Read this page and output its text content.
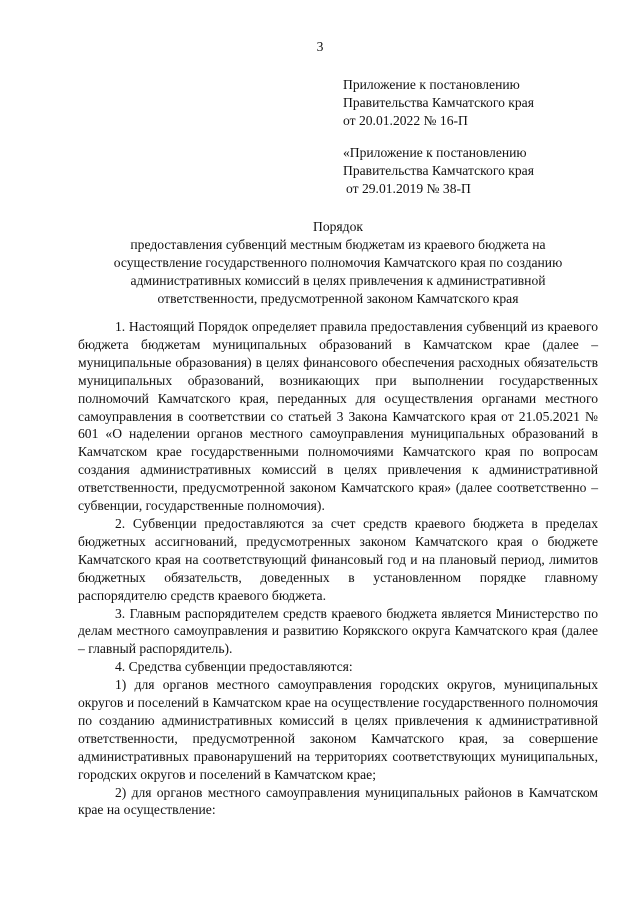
3
Приложение к постановлению
Правительства Камчатского края
от 20.01.2022 № 16-П
«Приложение к постановлению
Правительства Камчатского края
от 29.01.2019 № 38-П
Порядок
предоставления субвенций местным бюджетам из краевого бюджета на
осуществление государственного полномочия Камчатского края по созданию
административных комиссий в целях привлечения к административной
ответственности, предусмотренной законом Камчатского края

1. Настоящий Порядок определяет правила предоставления субвенций из краевого бюджета бюджетам муниципальных образований в Камчатском крае (далее – муниципальные образования) в целях финансового обеспечения расходных обязательств муниципальных образований, возникающих при выполнении государственных полномочий Камчатского края, переданных для осуществления органами местного самоуправления в соответствии со статьей 3 Закона Камчатского края от 21.05.2021 № 601 «О наделении органов местного самоуправления муниципальных образований в Камчатском крае государственными полномочиями Камчатского края по вопросам создания административных комиссий в целях привлечения к административной ответственности, предусмотренной законом Камчатского края» (далее соответственно – субвенции, государственные полномочия).

2. Субвенции предоставляются за счет средств краевого бюджета в пределах бюджетных ассигнований, предусмотренных законом Камчатского края о бюджете Камчатского края на соответствующий финансовый год и на плановый период, лимитов бюджетных обязательств, доведенных в установленном порядке главному распорядителю средств краевого бюджета.

3. Главным распорядителем средств краевого бюджета является Министерство по делам местного самоуправления и развитию Корякского округа Камчатского края (далее – главный распорядитель).

4. Средства субвенции предоставляются:

1) для органов местного самоуправления городских округов, муниципальных округов и поселений в Камчатском крае на осуществление государственного полномочия по созданию административных комиссий в целях привлечения к административной ответственности, предусмотренной законом Камчатского края, за совершение административных правонарушений на территориях соответствующих муниципальных, городских округов и поселений в Камчатском крае;

2) для органов местного самоуправления муниципальных районов в Камчатском крае на осуществление:
